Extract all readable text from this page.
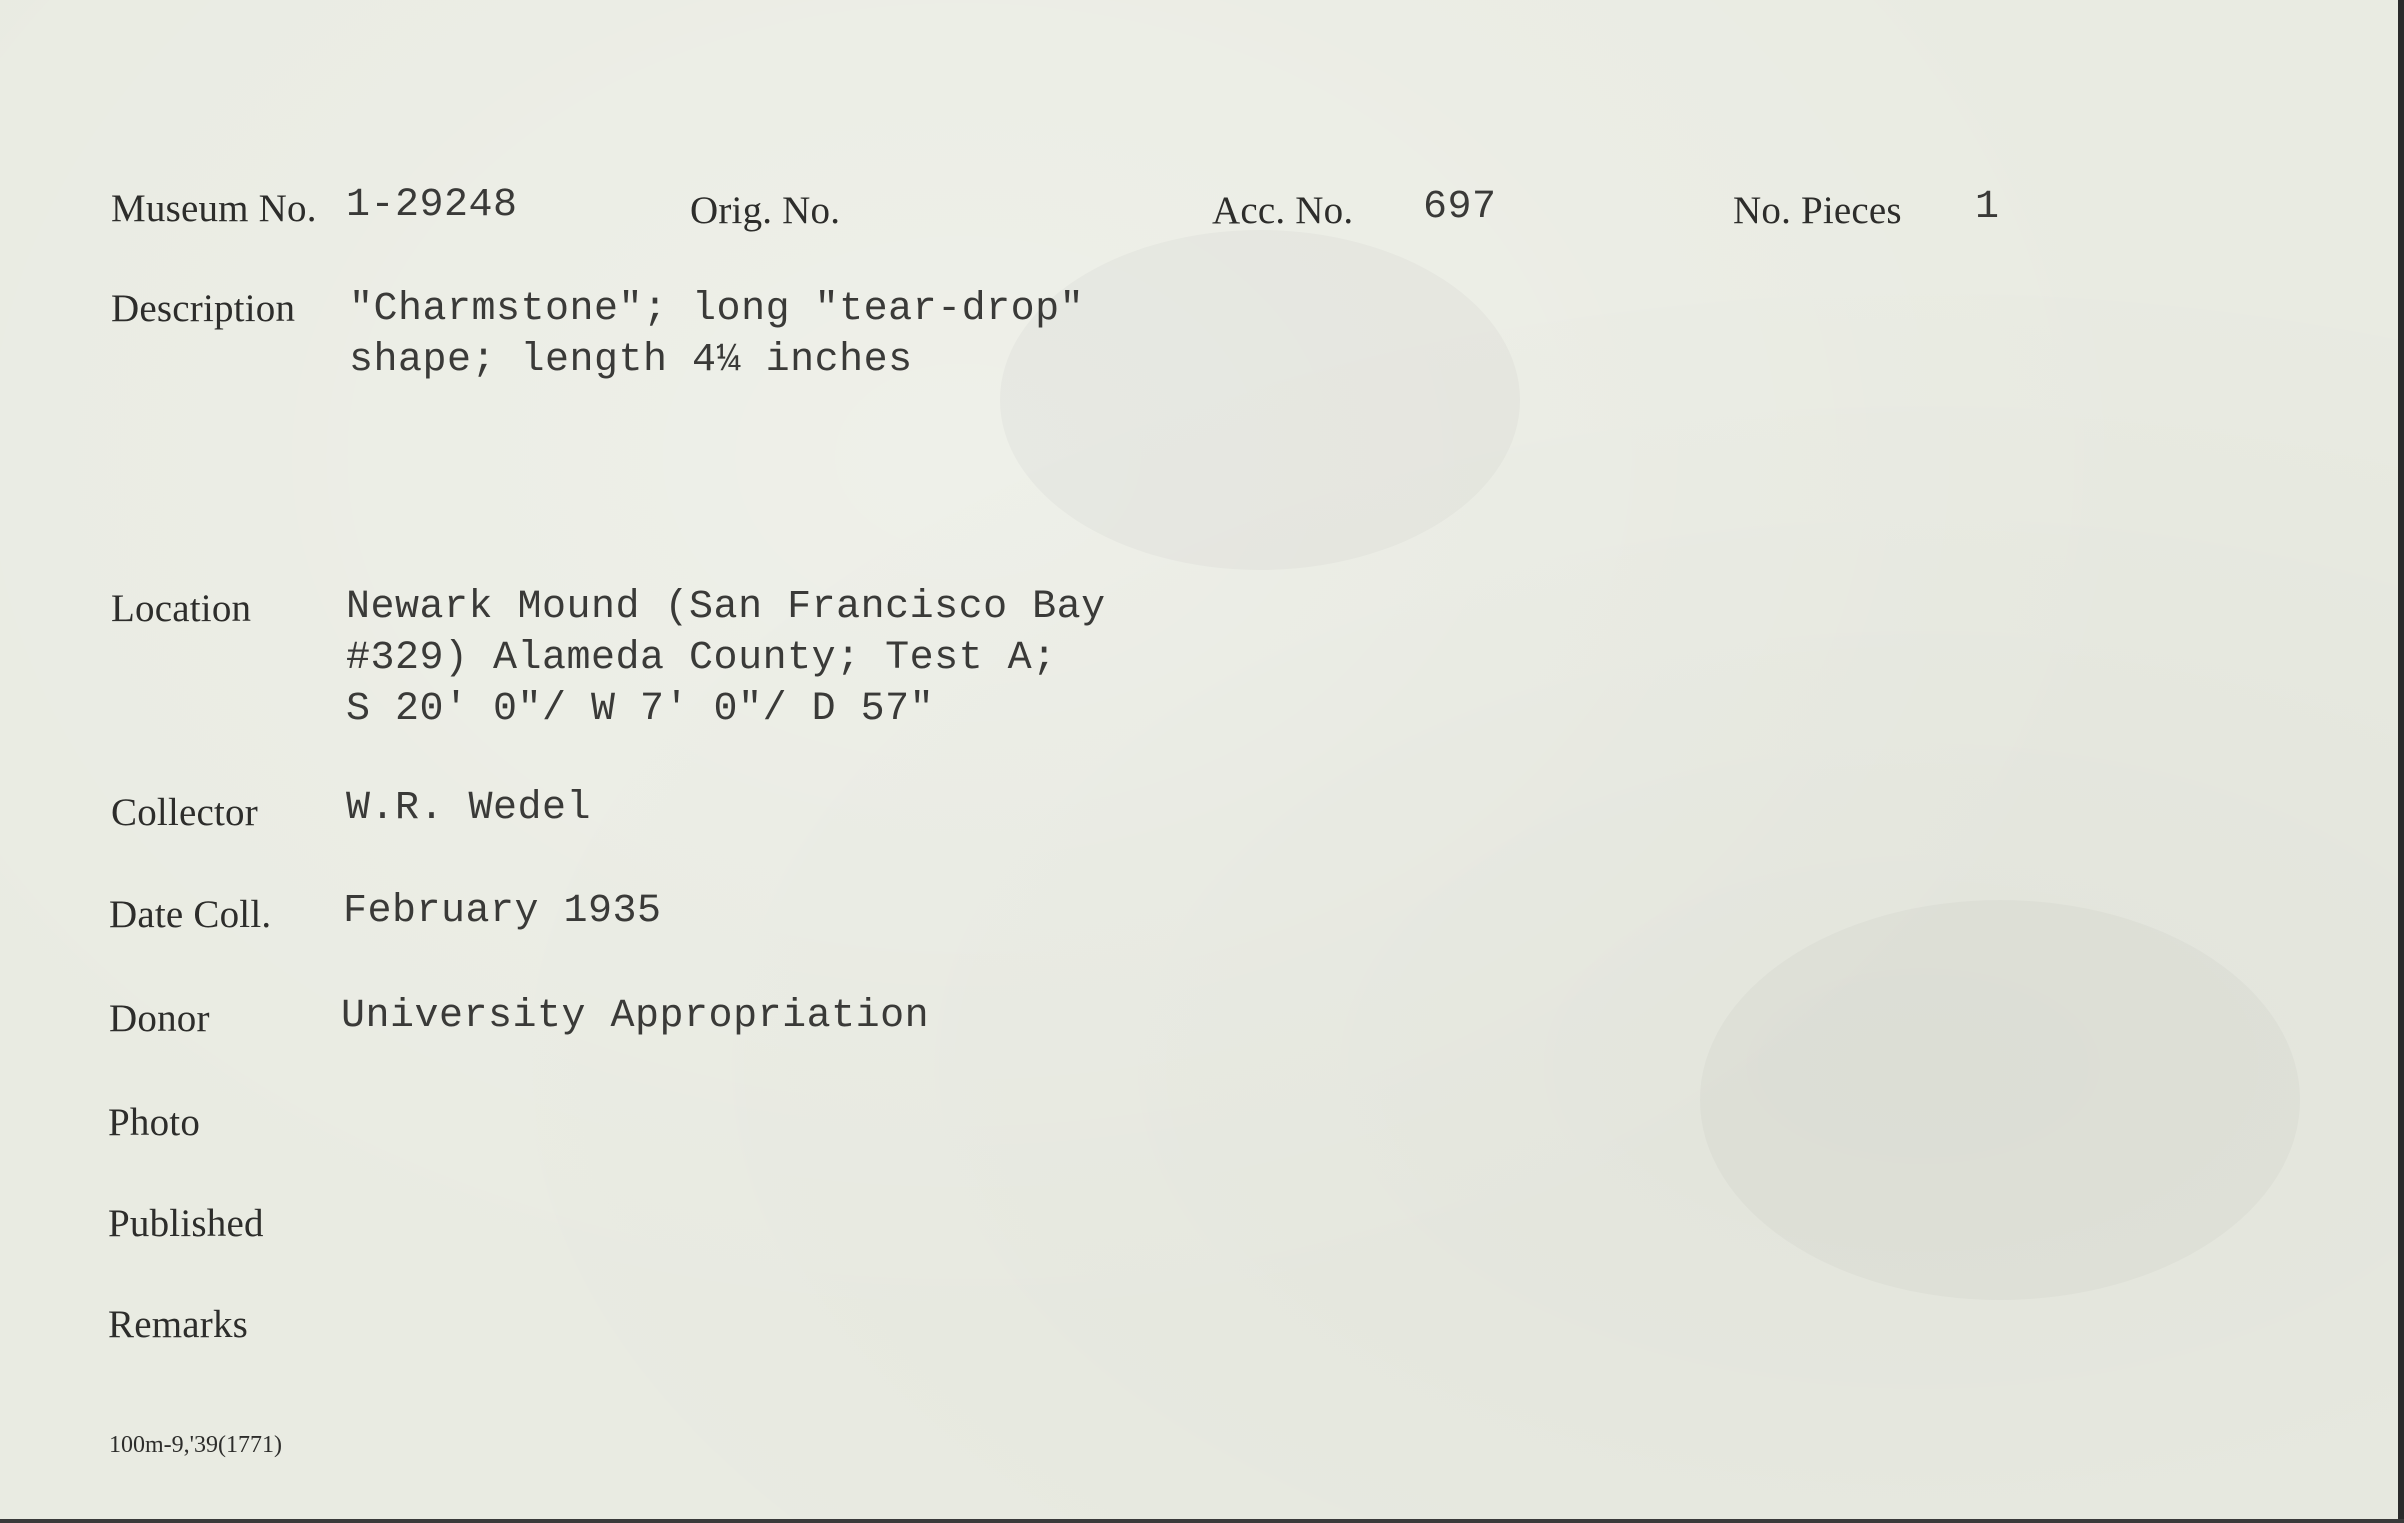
Museum No. 1-29248	Orig. No.	Acc. No. 697	No. Pieces 1
Description "Charmstone"; long "tear-drop"
shape; length 4¼ inches
Location Newark Mound (San Francisco Bay
#329) Alameda County; Test A;
S 20' 0"/ W 7' 0"/ D 57"
Collector W.R. Wedel
Date Coll. February 1935
Donor	University Appropriation
Photo
Published
Remarks
100m-9,'39(1771)
